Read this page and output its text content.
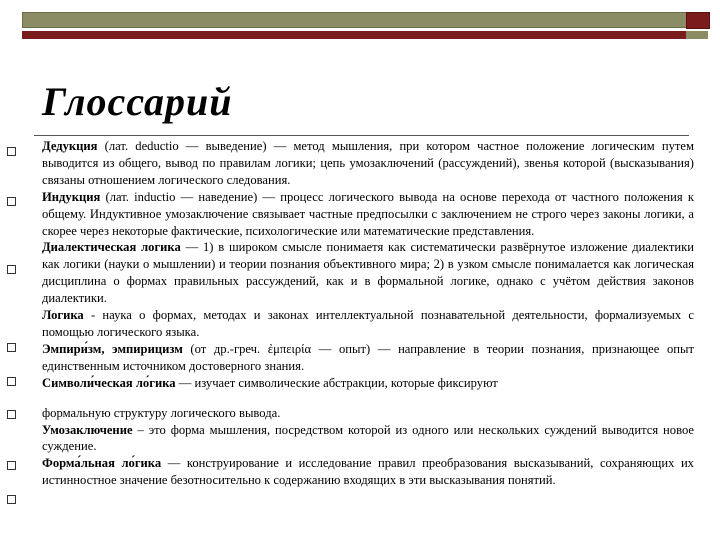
Глоссарий

Дедукция (лат. deductio — выведение) — метод мышления, при котором частное положение логическим путем выводится из общего, вывод по правилам логики; цепь умозаключений (рассуждений), звенья которой (высказывания) связаны отношением логического следования.

Индукция (лат. inductio — наведение) — процесс логического вывода на основе перехода от частного положения к общему. Индуктивное умозаключение связывает частные предпосылки с заключением не строго через законы логики, а скорее через некоторые фактические, психологические или математические представления.

Диалектическая логика — 1) в широком смысле понимаетя как систематически развёрнутое изложение диалектики как логики (науки о мышлении) и теории познания объективного мира; 2) в узком смысле понималается как логическая дисциплина о формах правильных рассуждений, как и в формальной логике, однако с учётом действия законов диалектики.

Логика - наука о формах, методах и законах интеллектуальной познавательной деятельности, формализуемых с помощью логического языка.

Эмпири́зм, эмпирицизм (от др.-греч. ἐμπειρία — опыт) — направление в теории познания, признающее опыт единственным источником достоверного знания.

Символи́ческая ло́гика — изучает символические абстракции, которые фиксируют

формальную структуру логического вывода.

Умозаключение – это форма мышления, посредством которой из одного или нескольких суждений выводится новое суждение.

Форма́льная ло́гика — конструирование и исследование правил преобразования высказываний, сохраняющих их истинностное значение безотносительно к содержанию входящих в эти высказывания понятий.
